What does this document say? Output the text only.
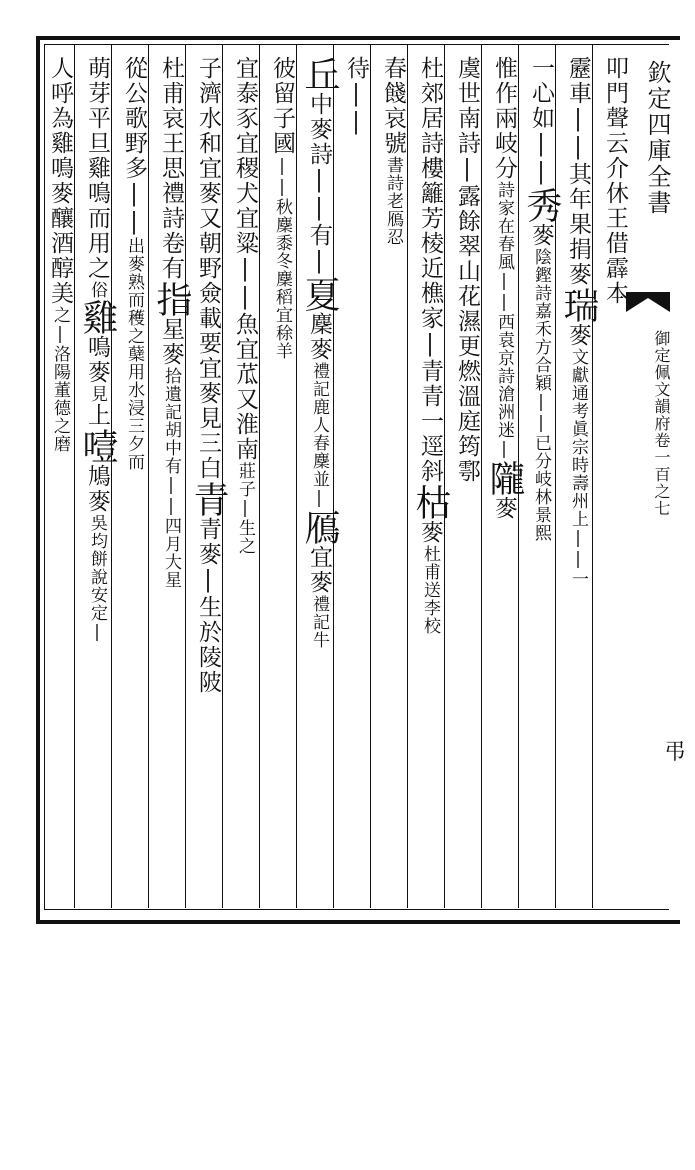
欽定四庫全書
御定佩文韻府卷一百之七
弔
叩門聲云介休王借霹本
靂車||其年果捐麥瑞麥文獻通考眞宗時壽州上||一
一心如||秀麥陰鏗詩嘉禾方合穎||已分岐林景熙
惟作兩岐分詩家在春風||西袁京詩滄洲迷|隴麥
虞世南詩|露餘翠山花濕更燃溫庭筠鄠
杜郊居詩樓籬芳棱近樵家|青青一逕斜枯麥杜甫送李校
春餞哀號書詩老鴈忍
待||
丘中麥詩||有|夏麇麥禮記鹿人春麇並|鴈宜麥禮記牛
彼留子國||秋麇黍冬麇稻宜稌羊
宜泰豕宜稷犬宜粱||魚宜苽又淮南莊子|生之
子濟水和宜麥又朝野僉載要宜麥見三白青青麥|生於陵陂
杜甫哀王思禮詩卷有指星麥拾遺記胡中有||四月大星
從公歌野多||出麥熟而穫之蘖用水浸三夕而
萌芽平旦雞鳴而用之俗雞鳴麥見上噎鳩麥吳均餅說安定|
人呼為雞鳴麥釀酒醇美之|洛陽董德之磨
